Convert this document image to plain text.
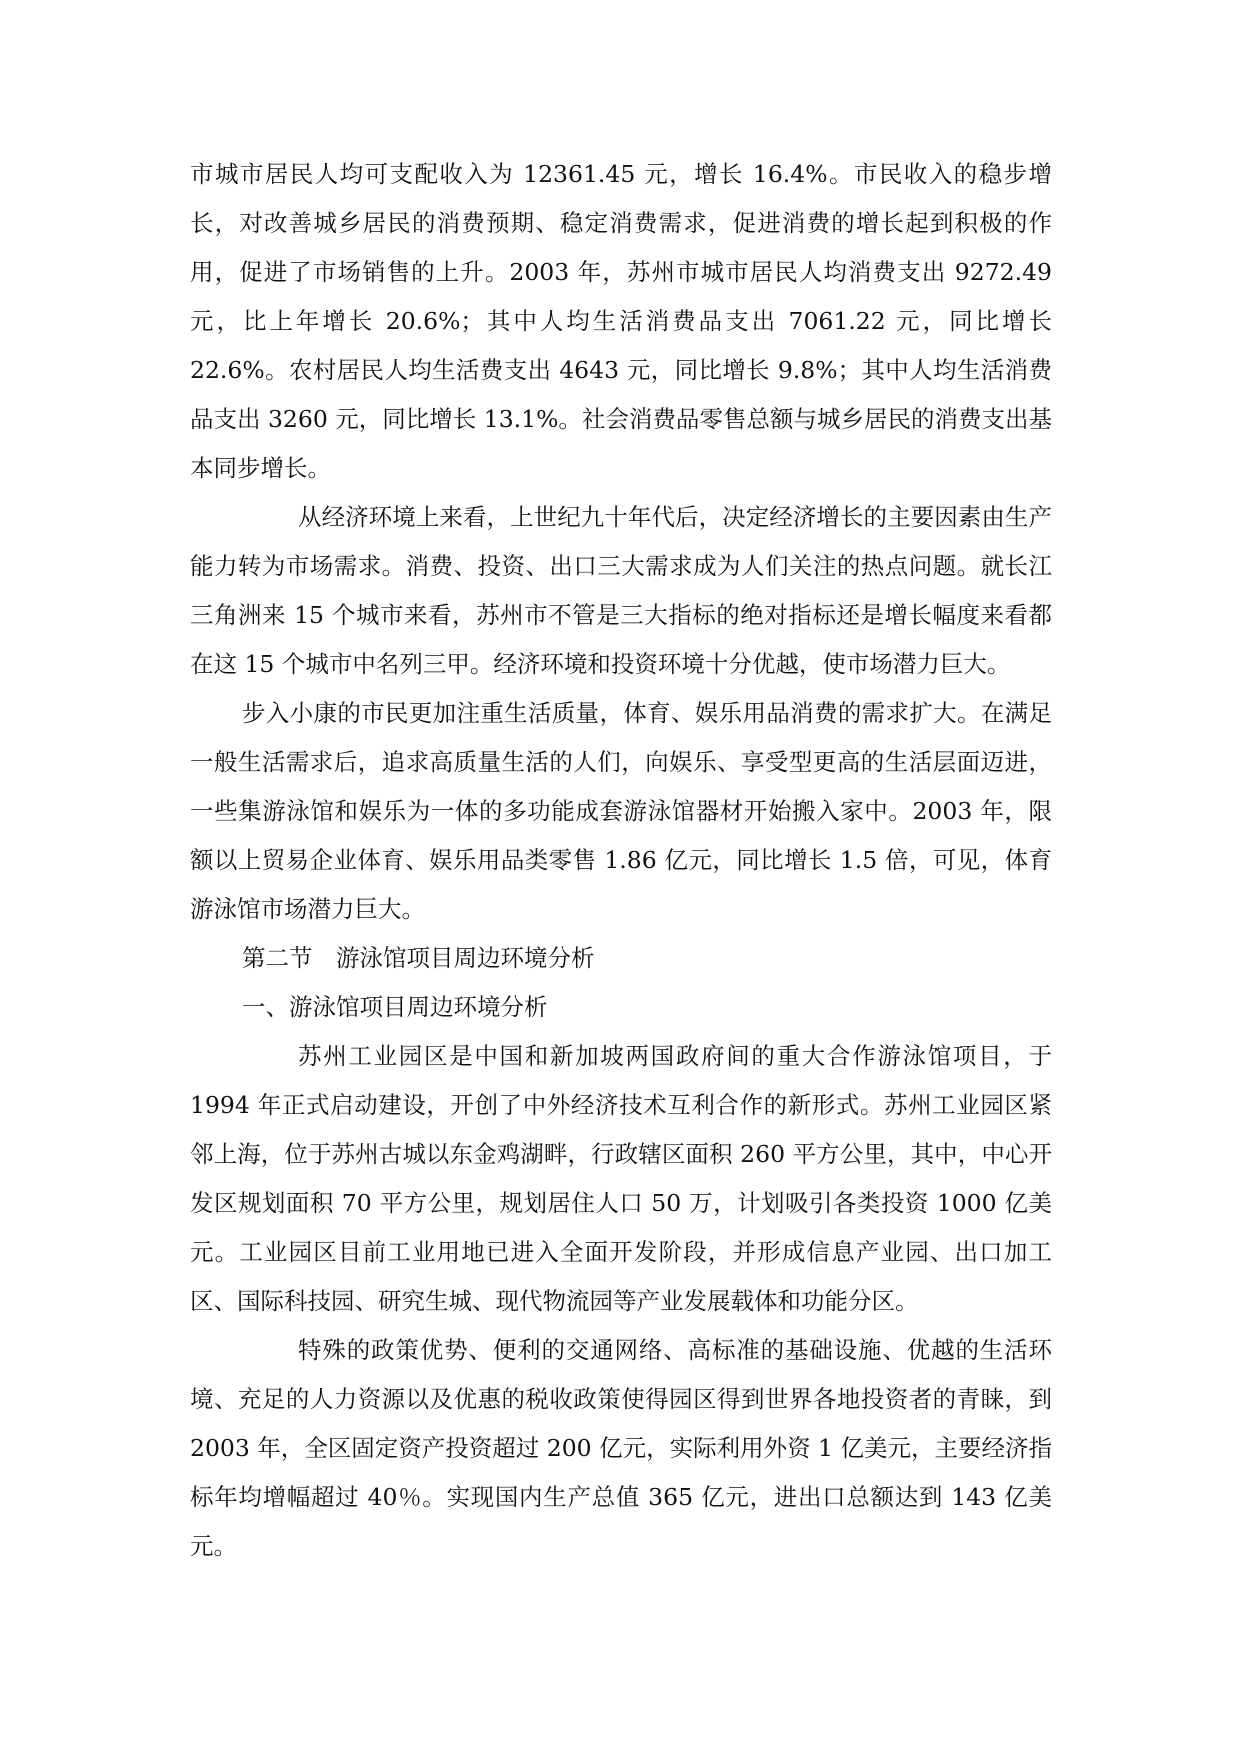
市城市居民人均可支配收入为 12361.45 元，增长 16.4%。市民收入的稳步增长，对改善城乡居民的消费预期、稳定消费需求，促进消费的增长起到积极的作用，促进了市场销售的上升。2003 年，苏州市城市居民人均消费支出 9272.49 元，比上年增长 20.6%；其中人均生活消费品支出 7061.22 元，同比增长 22.6%。农村居民人均生活费支出 4643 元，同比增长 9.8%；其中人均生活消费品支出 3260 元，同比增长 13.1%。社会消费品零售总额与城乡居民的消费支出基本同步增长。

从经济环境上来看，上世纪九十年代后，决定经济增长的主要因素由生产能力转为市场需求。消费、投资、出口三大需求成为人们关注的热点问题。就长江三角洲来 15 个城市来看，苏州市不管是三大指标的绝对指标还是增长幅度来看都在这 15 个城市中名列三甲。经济环境和投资环境十分优越，使市场潜力巨大。

步入小康的市民更加注重生活质量，体育、娱乐用品消费的需求扩大。在满足一般生活需求后，追求高质量生活的人们，向娱乐、享受型更高的生活层面迈进，一些集游泳馆和娱乐为一体的多功能成套游泳馆器材开始搬入家中。2003 年，限额以上贸易企业体育、娱乐用品类零售 1.86 亿元，同比增长 1.5 倍，可见，体育游泳馆市场潜力巨大。

第二节　游泳馆项目周边环境分析

一、游泳馆项目周边环境分析

苏州工业园区是中国和新加坡两国政府间的重大合作游泳馆项目，于 1994 年正式启动建设，开创了中外经济技术互利合作的新形式。苏州工业园区紧邻上海，位于苏州古城以东金鸡湖畔，行政辖区面积 260 平方公里，其中，中心开发区规划面积 70 平方公里，规划居住人口 50 万，计划吸引各类投资 1000 亿美元。工业园区目前工业用地已进入全面开发阶段，并形成信息产业园、出口加工区、国际科技园、研究生城、现代物流园等产业发展载体和功能分区。

特殊的政策优势、便利的交通网络、高标准的基础设施、优越的生活环境、充足的人力资源以及优惠的税收政策使得园区得到世界各地投资者的青睐，到 2003 年，全区固定资产投资超过 200 亿元，实际利用外资 1 亿美元，主要经济指标年均增幅超过 40％。实现国内生产总值 365 亿元，进出口总额达到 143 亿美元。
